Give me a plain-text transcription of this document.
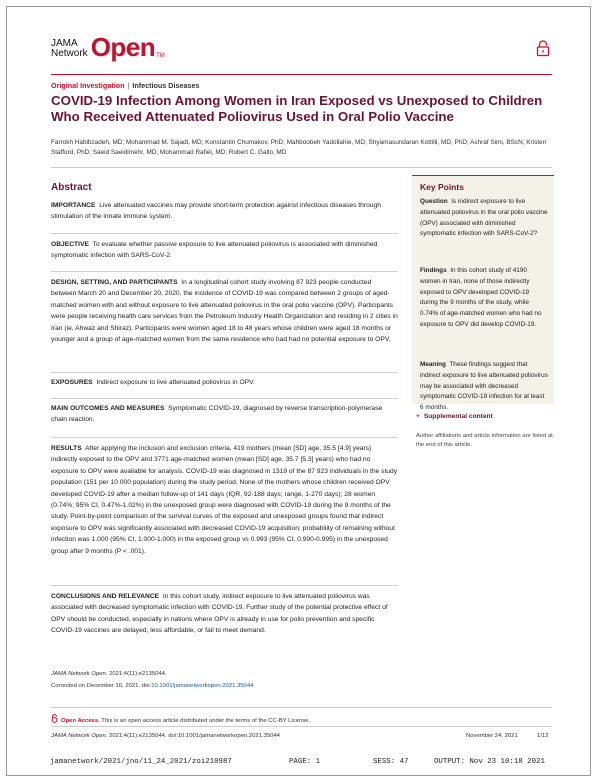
JAMA
Network Open TM
Original Investigation | Infectious Diseases
COVID-19 Infection Among Women in Iran Exposed vs Unexposed to Children Who Received Attenuated Poliovirus Used in Oral Polio Vaccine
Farrokh Habibzadeh, MD; Mohammad M. Sajadi, MD; Konstantin Chumakov, PhD; Mahboobeh Yadollahie, MD; Shyamasundaran Kottilil, MD, PhD; Ashraf Simi, BScN; Kristen Stafford, PhD; Saeid Saeidimehr, MD; Mohammad Rafiei, MD; Robert C. Gallo, MD
Abstract
IMPORTANCE Live attenuated vaccines may provide short-term protection against infectious diseases through stimulation of the innate immune system.
OBJECTIVE To evaluate whether passive exposure to live attenuated poliovirus is associated with diminished symptomatic infection with SARS-CoV-2.
DESIGN, SETTING, AND PARTICIPANTS In a longitudinal cohort study involving 87 923 people conducted between March 20 and December 20, 2020, the incidence of COVID-19 was compared between 2 groups of aged-matched women with and without exposure to live attenuated poliovirus in the oral polio vaccine (OPV). Participants were people receiving health care services from the Petroleum Industry Health Organization and residing in 2 cities in Iran (ie, Ahwaz and Shiraz). Participants were women aged 18 to 48 years whose children were aged 18 months or younger and a group of age-matched women from the same residence who had had no potential exposure to OPV.
EXPOSURES Indirect exposure to live attenuated poliovirus in OPV.
MAIN OUTCOMES AND MEASURES Symptomatic COVID-19, diagnosed by reverse transcription-polymerase chain reaction.
RESULTS After applying the inclusion and exclusion criteria, 419 mothers (mean [SD] age, 35.5 [4.9] years) indirectly exposed to the OPV and 3771 age-matched women (mean [SD] age, 35.7 [5.3] years) who had no exposure to OPV were available for analysis. COVID-19 was diagnosed in 1319 of the 87 923 individuals in the study population (151 per 10 000 population) during the study period. None of the mothers whose children received OPV developed COVID-19 after a median follow-up of 141 days (IQR, 92-188 days; range, 1-270 days); 28 women (0.74%; 95% CI, 0.47%-1.02%) in the unexposed group were diagnosed with COVID-19 during the 9 months of the study. Point-by-point comparison of the survival curves of the exposed and unexposed groups found that indirect exposure to OPV was significantly associated with decreased COVID-19 acquisition; probability of remaining without infection was 1.000 (95% CI, 1.000-1.000) in the exposed group vs 0.993 (95% CI, 0.990-0.995) in the unexposed group after 9 months (P < .001).
CONCLUSIONS AND RELEVANCE In this cohort study, indirect exposure to live attenuated poliovirus was associated with decreased symptomatic infection with COVID-19. Further study of the potential protective effect of OPV should be conducted, especially in nations where OPV is already in use for polio prevention and specific COVID-19 vaccines are delayed, less affordable, or fail to meet demand.
Key Points
Question Is indirect exposure to live attenuated poliovirus in the oral polio vaccine (OPV) associated with diminished symptomatic infection with SARS-CoV-2?
Findings In this cohort study of 4190 women in Iran, none of those indirectly exposed to OPV developed COVID-19 during the 9 months of the study, while 0.74% of age-matched women who had no exposure to OPV did develop COVID-19.
Meaning These findings suggest that indirect exposure to live attenuated poliovirus may be associated with decreased symptomatic COVID-19 infection for at least 6 months.
+ Supplemental content
Author affiliations and article information are listed at the end of this article.
JAMA Network Open. 2021;4(11):e2135044.
Corrected on December 10, 2021. doi:10.1001/jamanetworkopen.2021.35044
Open Access. This is an open access article distributed under the terms of the CC-BY License.
JAMA Network Open. 2021;4(11):e2135044. doi:10.1001/jamanetworkopen.2021.35044	November 24, 2021	1/12
jamanetwork/2021/jno/11_24_2021/zoi210987	PAGE: 1	SESS: 47	OUTPUT: Nov 23 10:18 2021
